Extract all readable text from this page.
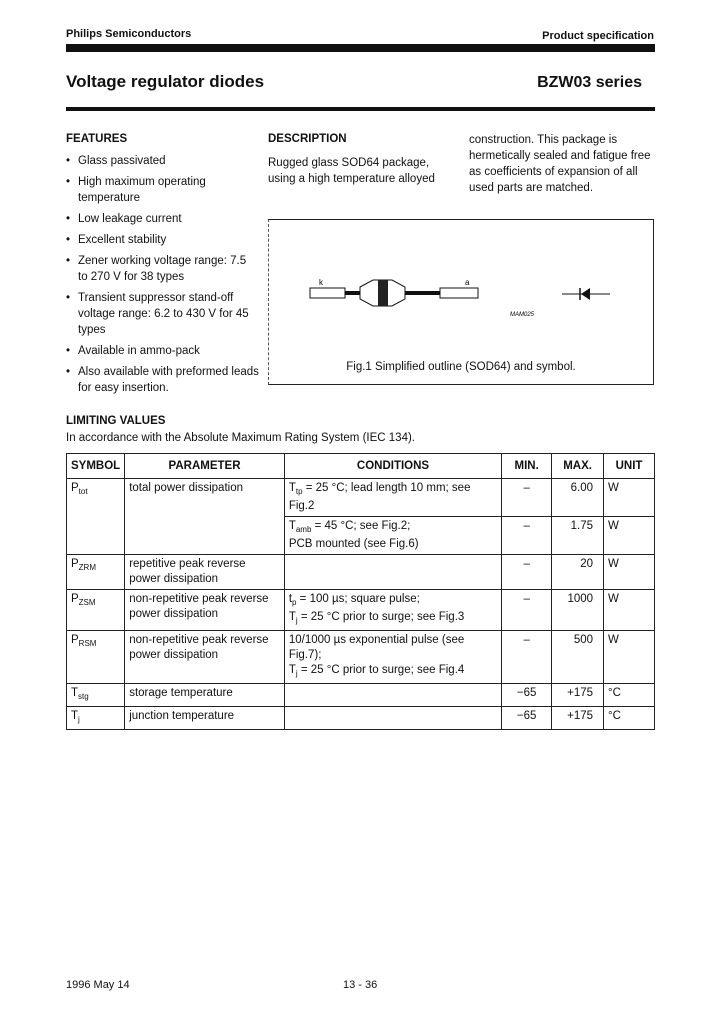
Philips Semiconductors	Product specification
Voltage regulator diodes	BZW03 series
FEATURES
• Glass passivated
• High maximum operating temperature
• Low leakage current
• Excellent stability
• Zener working voltage range: 7.5 to 270 V for 38 types
• Transient suppressor stand-off voltage range: 6.2 to 430 V for 45 types
• Available in ammo-pack
• Also available with preformed leads for easy insertion.
DESCRIPTION
Rugged glass SOD64 package, using a high temperature alloyed
construction. This package is hermetically sealed and fatigue free as coefficients of expansion of all used parts are matched.
k	a
MAM025
Fig.1 Simplified outline (SOD64) and symbol.
LIMITING VALUES
In accordance with the Absolute Maximum Rating System (IEC 134).
SYMBOL	PARAMETER	CONDITIONS	MIN.	MAX.	UNIT
$P_{tot}$	total power dissipation	$T_{tp} = 25$ °C; lead length 10 mm; see Fig.2	–	6.00	W
		$T_{amb} = 45$ °C; see Fig.2;
PCB mounted (see Fig.6)	–	1.75	W
$P_{ZRM}$	repetitive peak reverse power dissipation		–	20	W
$P_{ZSM}$	non-repetitive peak reverse power dissipation	$t_p = 100$ µs; square pulse;
$T_j = 25$ °C prior to surge; see Fig.3	–	1000	W
$P_{RSM}$	non-repetitive peak reverse power dissipation	10/1000 µs exponential pulse (see Fig.7);
$T_j = 25$ °C prior to surge; see Fig.4	–	500	W
$T_{stg}$	storage temperature		−65	+175	°C
$T_j$	junction temperature		−65	+175	°C
1996 May 14	13 - 36
